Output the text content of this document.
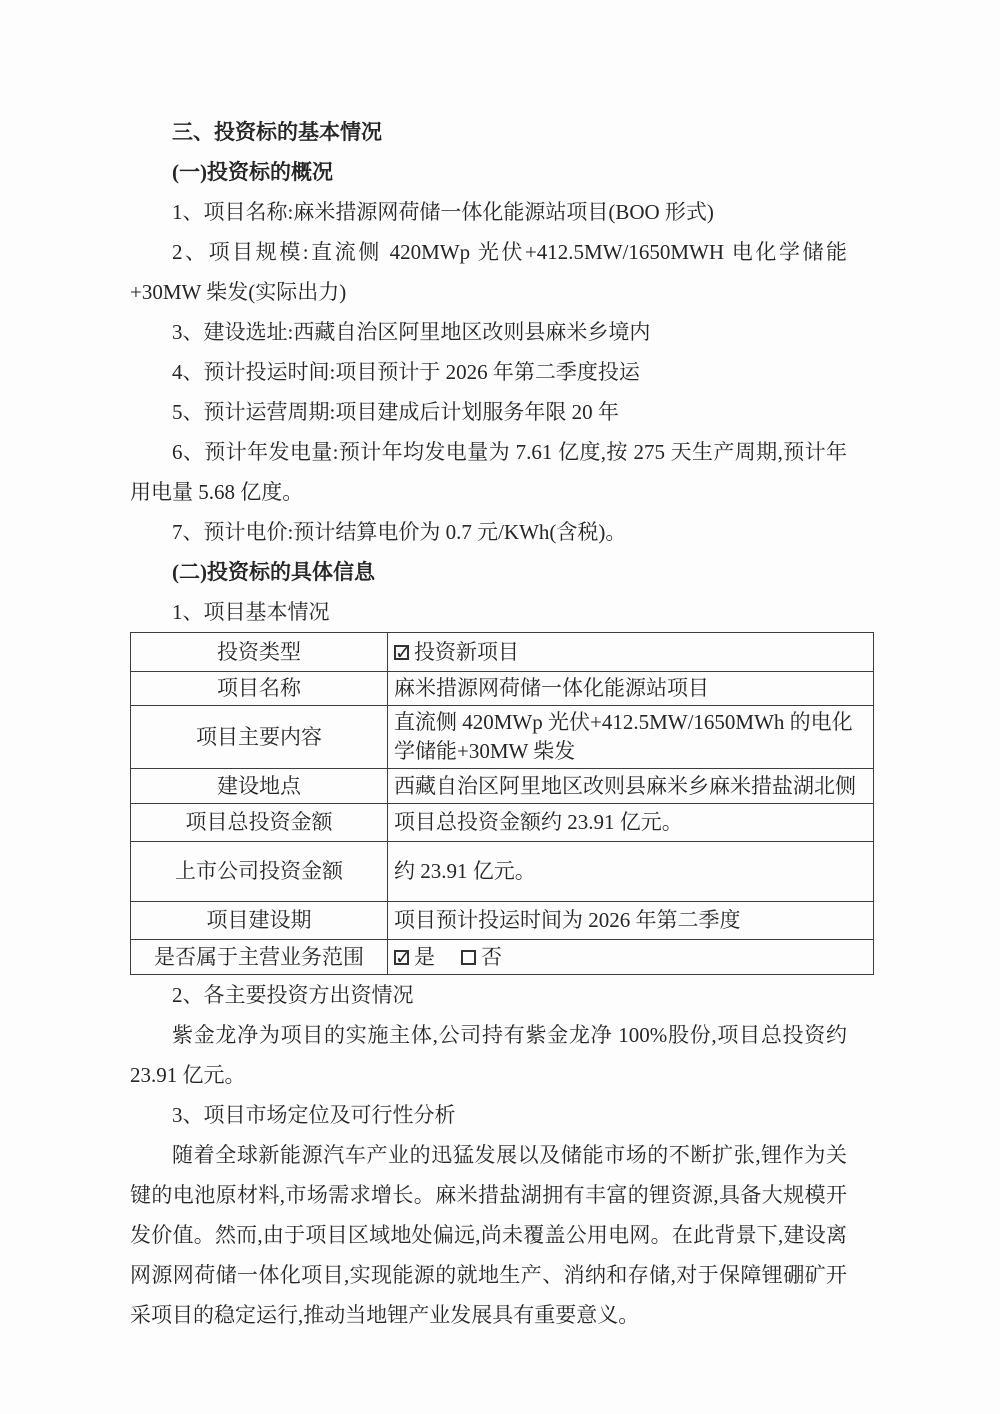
三、投资标的基本情况

(一)投资标的概况

1、项目名称:麻米措源网荷储一体化能源站项目(BOO 形式)

2、项目规模:直流侧 420MWp 光伏+412.5MW/1650MWH 电化学储能+30MW 柴发(实际出力)

3、建设选址:西藏自治区阿里地区改则县麻米乡境内

4、预计投运时间:项目预计于 2026 年第二季度投运

5、预计运营周期:项目建成后计划服务年限 20 年

6、预计年发电量:预计年均发电量为 7.61 亿度,按 275 天生产周期,预计年用电量 5.68 亿度。

7、预计电价:预计结算电价为 0.7 元/KWh(含税)。

(二)投资标的具体信息

1、项目基本情况

投资类型	✓投资新项目
项目名称	麻米措源网荷储一体化能源站项目
项目主要内容	直流侧 420MWp 光伏+412.5MW/1650MWh 的电化学储能+30MW 柴发
建设地点	西藏自治区阿里地区改则县麻米乡麻米措盐湖北侧
项目总投资金额	项目总投资金额约 23.91 亿元。
上市公司投资金额	约 23.91 亿元。
项目建设期	项目预计投运时间为 2026 年第二季度
是否属于主营业务范围	✓是 否

2、各主要投资方出资情况

紫金龙净为项目的实施主体,公司持有紫金龙净 100%股份,项目总投资约 23.91 亿元。

3、项目市场定位及可行性分析

随着全球新能源汽车产业的迅猛发展以及储能市场的不断扩张,锂作为关键的电池原材料,市场需求增长。麻米措盐湖拥有丰富的锂资源,具备大规模开发价值。然而,由于项目区域地处偏远,尚未覆盖公用电网。在此背景下,建设离网源网荷储一体化项目,实现能源的就地生产、消纳和存储,对于保障锂硼矿开采项目的稳定运行,推动当地锂产业发展具有重要意义。
